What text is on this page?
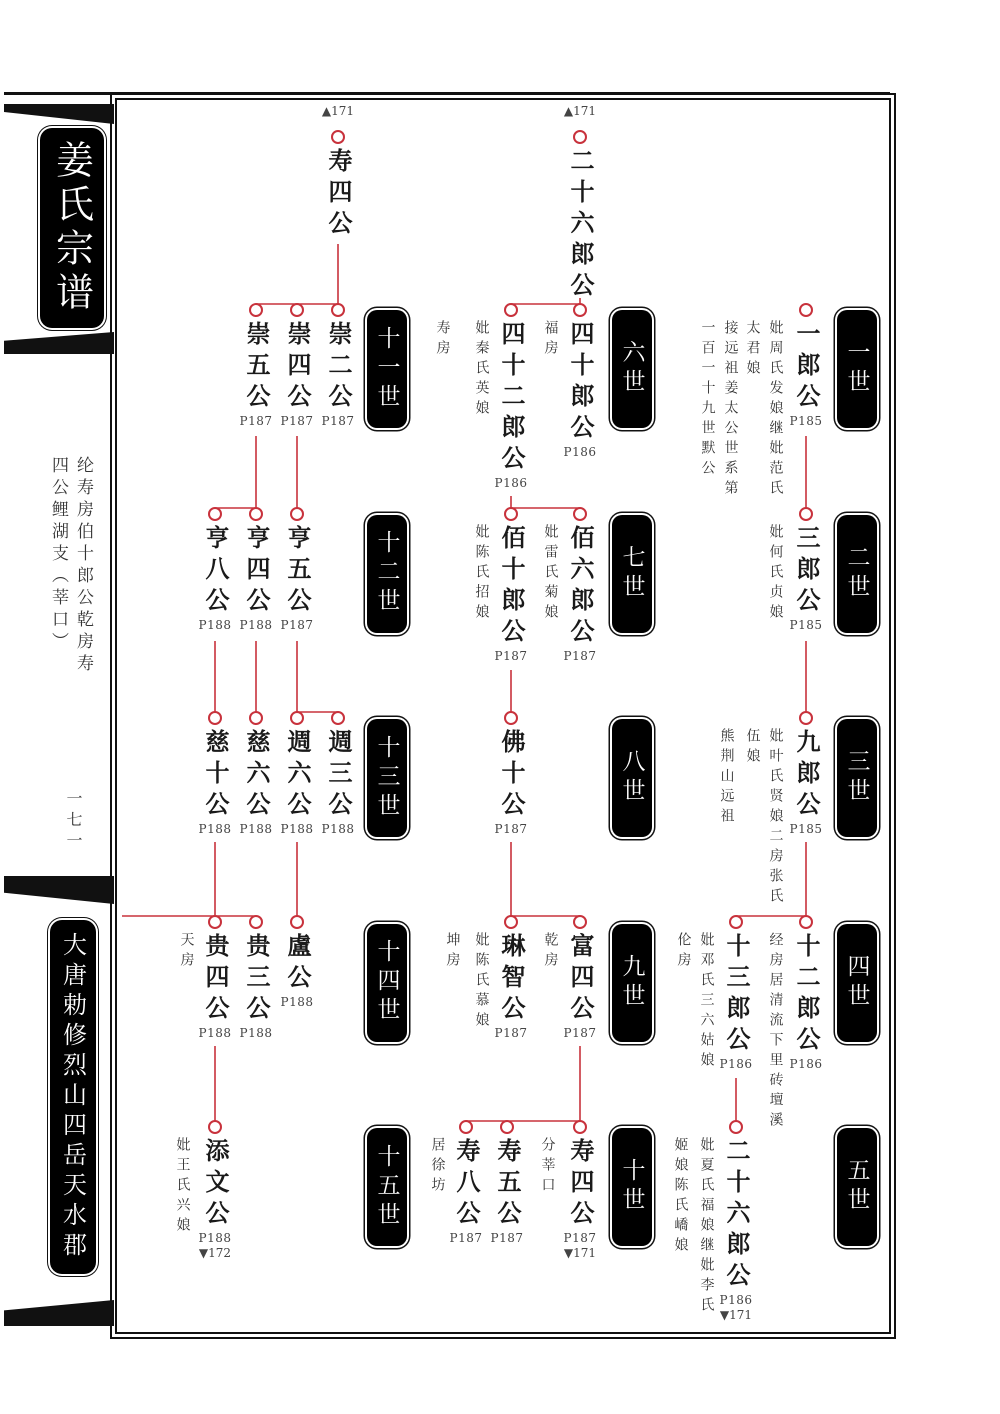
姜氏宗谱
大唐勅修烈山四岳天水郡
纶寿房伯十郎公乾房寿
四公鲤湖支（莘口）
一七一
一世
二世
三世
四世
五世
六世
七世
八世
九世
十世
十一世
十二世
十三世
十四世
十五世
一郎公
P185
妣周氏发娘继妣范氏
太君娘
接远祖姜太公世系第
一百一十九世默公
三郎公
P185
妣何氏贞娘
九郎公
P185
妣叶氏贤娘二房张氏
伍娘
熊荆山远祖
十二郎公
P186
经房居清流下里砖壇溪
十三郎公
P186
妣邓氏三六姑娘
伦房
二十六郎公
P186
▼171
妣夏氏福娘继妣李氏
姬娘陈氏嶠娘
▲171
二十六郎公
四十郎公
P186
福房
四十二郎公
P186
妣秦氏英娘
寿房
佰六郎公
P187
妣雷氏菊娘
佰十郎公
P187
妣陈氏招娘
佛十公
P187
富四公
P187
乾房
琳智公
P187
妣陈氏慕娘
坤房
寿四公
P187
▼171
分莘口
寿五公
P187
寿八公
P187
居徐坊
▲171
寿四公
崇二公
P187
崇四公
P187
崇五公
P187
亨五公
P187
亨四公
P188
亨八公
P188
週三公
P188
週六公
P188
慈六公
P188
慈十公
P188
盧公
P188
贵三公
P188
贵四公
P188
天房
添文公
P188
▼172
妣王氏兴娘
